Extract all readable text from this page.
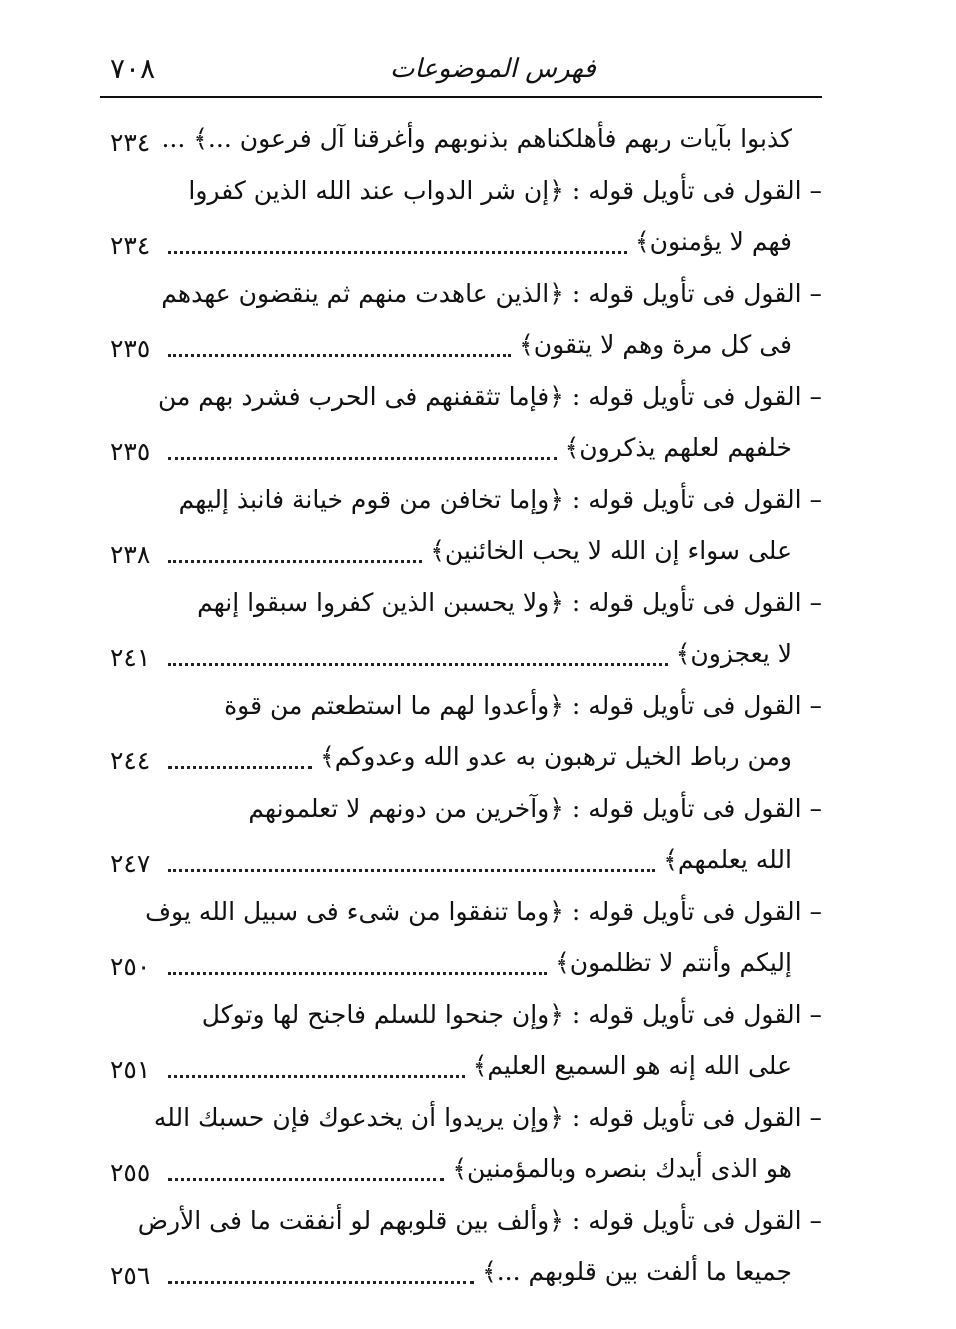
٧٠٨	فهرس الموضوعات
كذبوا بآيات ربهم فأهلكناهم بذنوبهم وأغرقنا آل فرعون ...﴾ ...
٢٣٤
– القول فى تأويل قوله : ﴿إن شر الدواب عند الله الذين كفروا
فهم لا يؤمنون﴾
٢٣٤
– القول فى تأويل قوله : ﴿الذين عاهدت منهم ثم ينقضون عهدهم
فى كل مرة وهم لا يتقون﴾
٢٣٥
– القول فى تأويل قوله : ﴿فإما تثقفنهم فى الحرب فشرد بهم من
خلفهم لعلهم يذكرون﴾
٢٣٥
– القول فى تأويل قوله : ﴿وإما تخافن من قوم خيانة فانبذ إليهم
على سواء إن الله لا يحب الخائنين﴾
٢٣٨
– القول فى تأويل قوله : ﴿ولا يحسبن الذين كفروا سبقوا إنهم
لا يعجزون﴾
٢٤١
– القول فى تأويل قوله : ﴿وأعدوا لهم ما استطعتم من قوة
ومن رباط الخيل ترهبون به عدو الله وعدوكم﴾
٢٤٤
– القول فى تأويل قوله : ﴿وآخرين من دونهم لا تعلمونهم
الله يعلمهم﴾
٢٤٧
– القول فى تأويل قوله : ﴿وما تنفقوا من شىء فى سبيل الله يوف
إليكم وأنتم لا تظلمون﴾
٢٥٠
– القول فى تأويل قوله : ﴿وإن جنحوا للسلم فاجنح لها وتوكل
على الله إنه هو السميع العليم﴾
٢٥١
– القول فى تأويل قوله : ﴿وإن يريدوا أن يخدعوك فإن حسبك الله
هو الذى أيدك بنصره وبالمؤمنين﴾
٢٥٥
– القول فى تأويل قوله : ﴿وألف بين قلوبهم لو أنفقت ما فى الأرض
جميعا ما ألفت بين قلوبهم ...﴾
٢٥٦
